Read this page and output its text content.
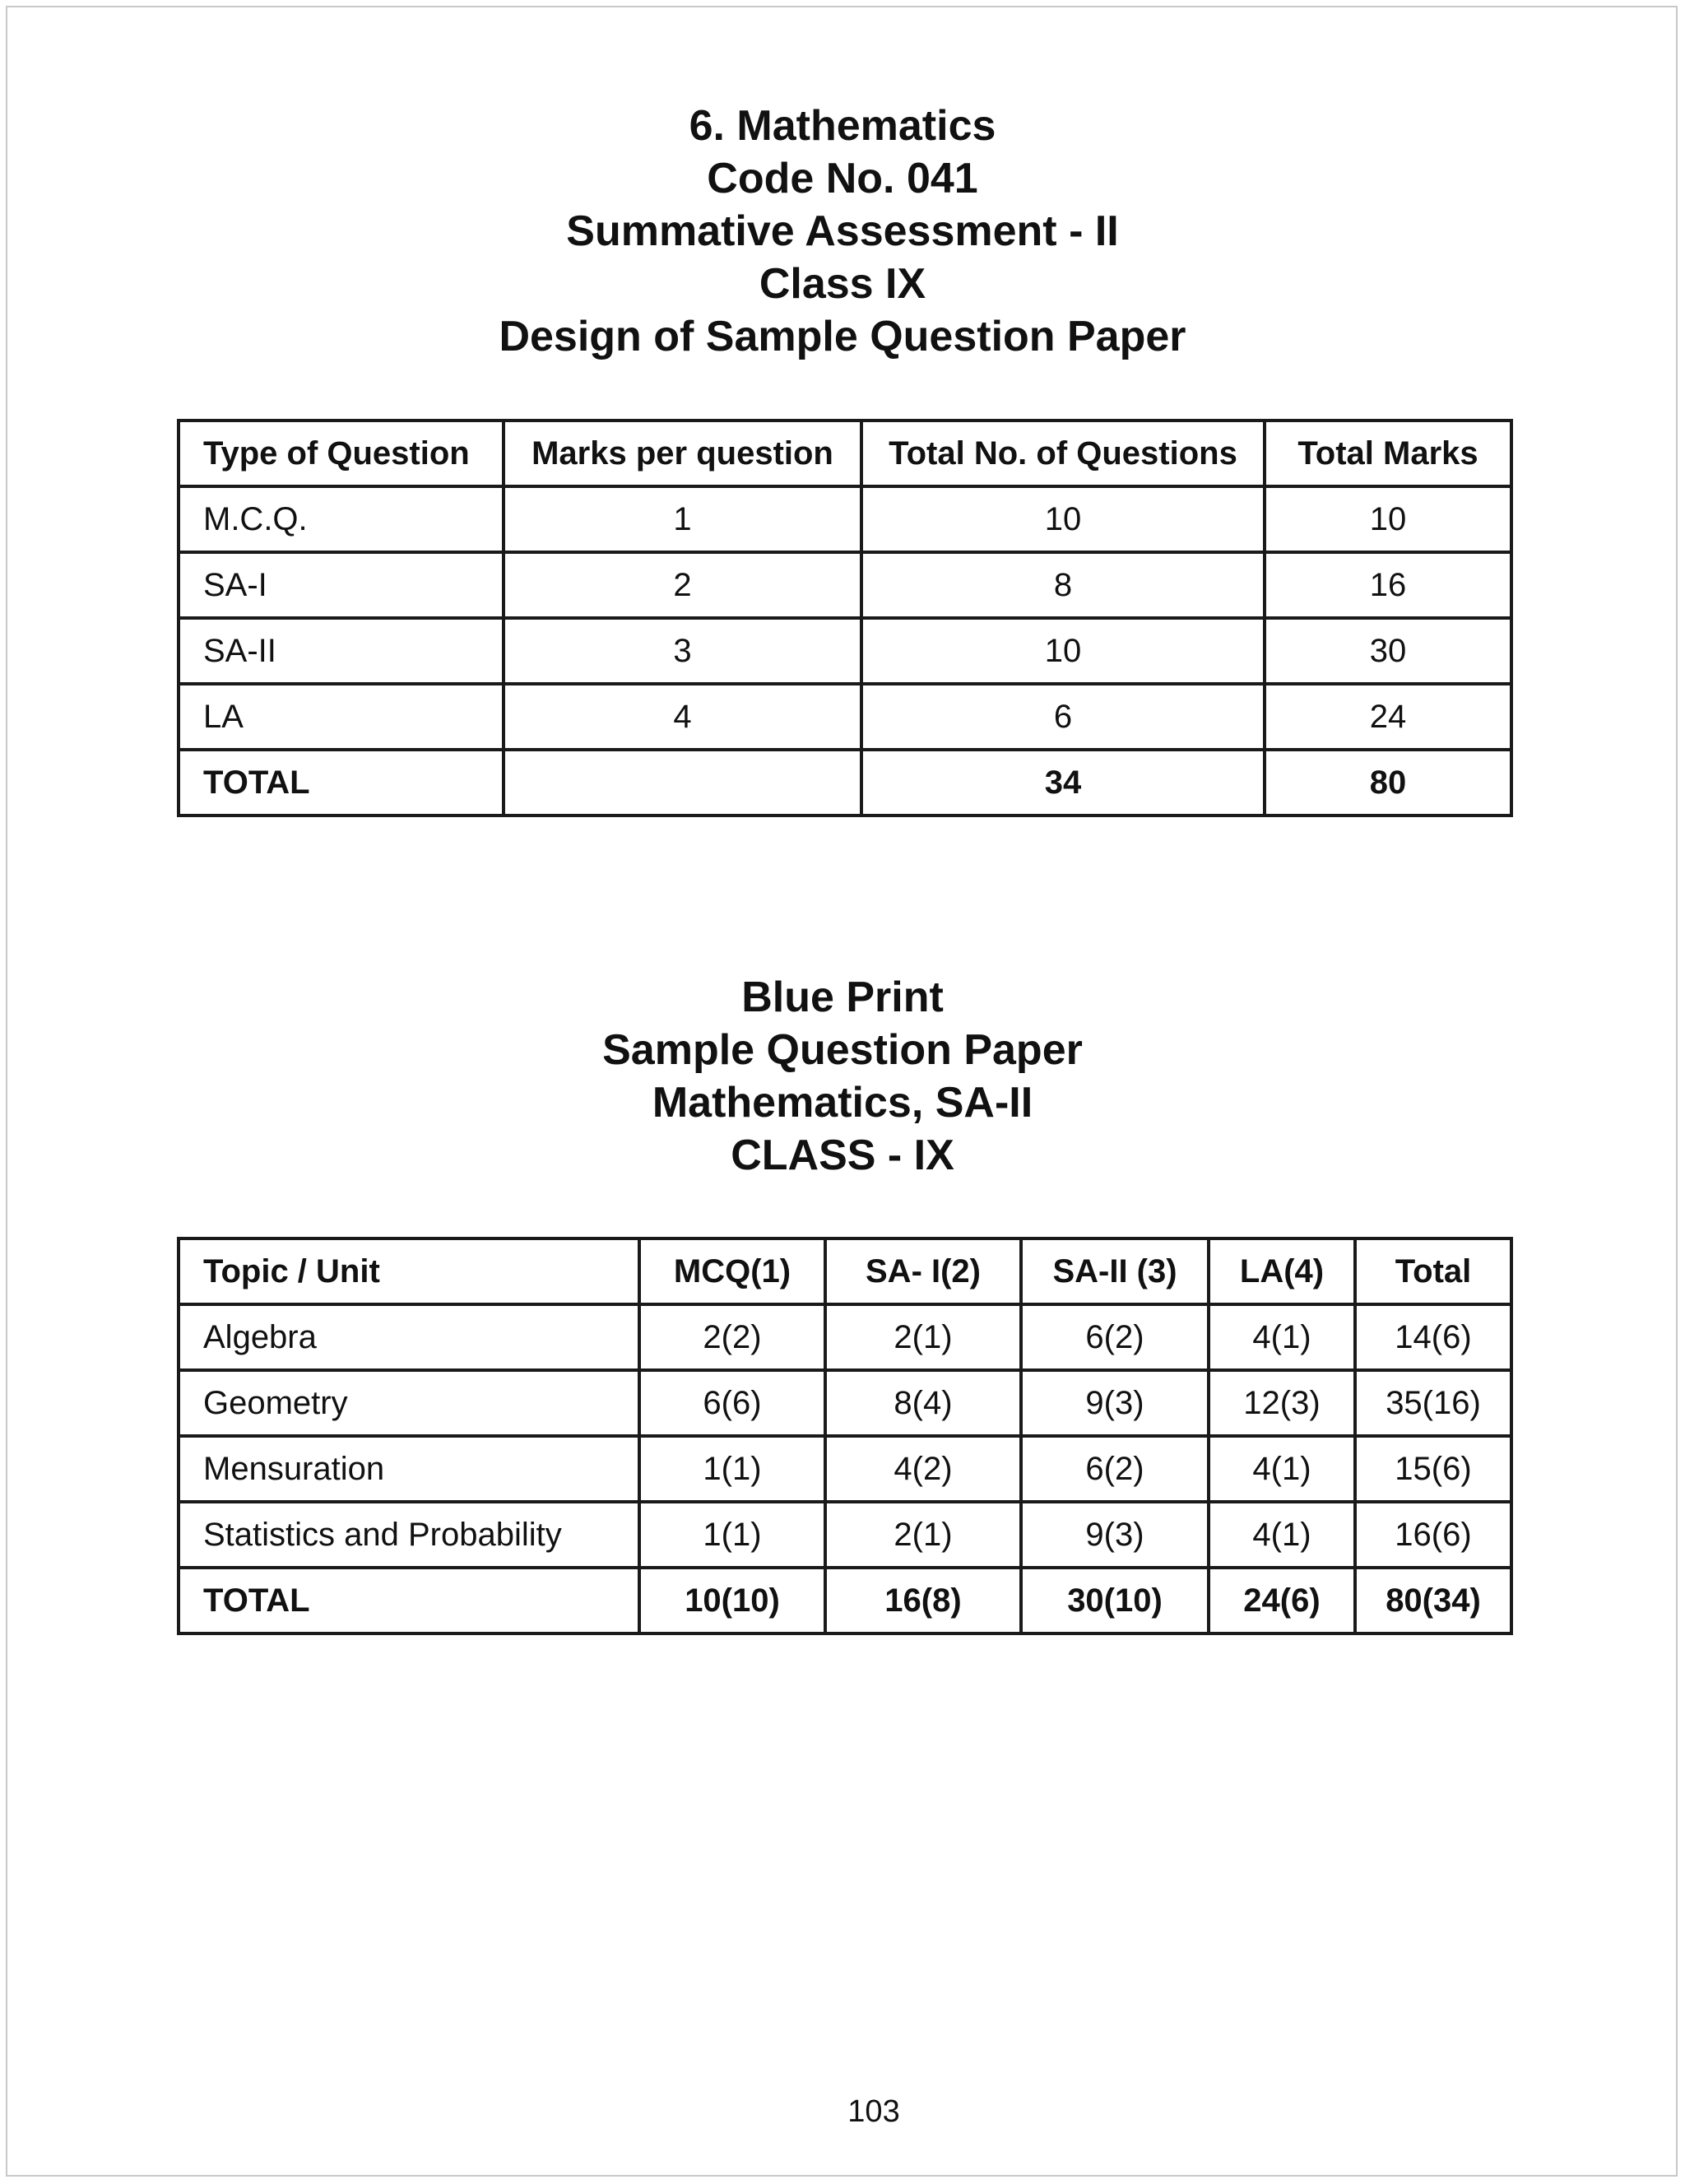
6. Mathematics
Code No. 041
Summative Assessment - II
Class IX
Design of Sample Question Paper
Type of Question	Marks per question	Total No. of Questions	Total Marks
M.C.Q.	1	10	10
SA-I	2	8	16
SA-II	3	10	30
LA	4	6	24
TOTAL		34	80
Blue Print
Sample Question Paper
Mathematics, SA-II
CLASS - IX
Topic / Unit	MCQ(1)	SA- I(2)	SA-II (3)	LA(4)	Total
Algebra	2(2)	2(1)	6(2)	4(1)	14(6)
Geometry	6(6)	8(4)	9(3)	12(3)	35(16)
Mensuration	1(1)	4(2)	6(2)	4(1)	15(6)
Statistics and Probability	1(1)	2(1)	9(3)	4(1)	16(6)
TOTAL	10(10)	16(8)	30(10)	24(6)	80(34)
103
